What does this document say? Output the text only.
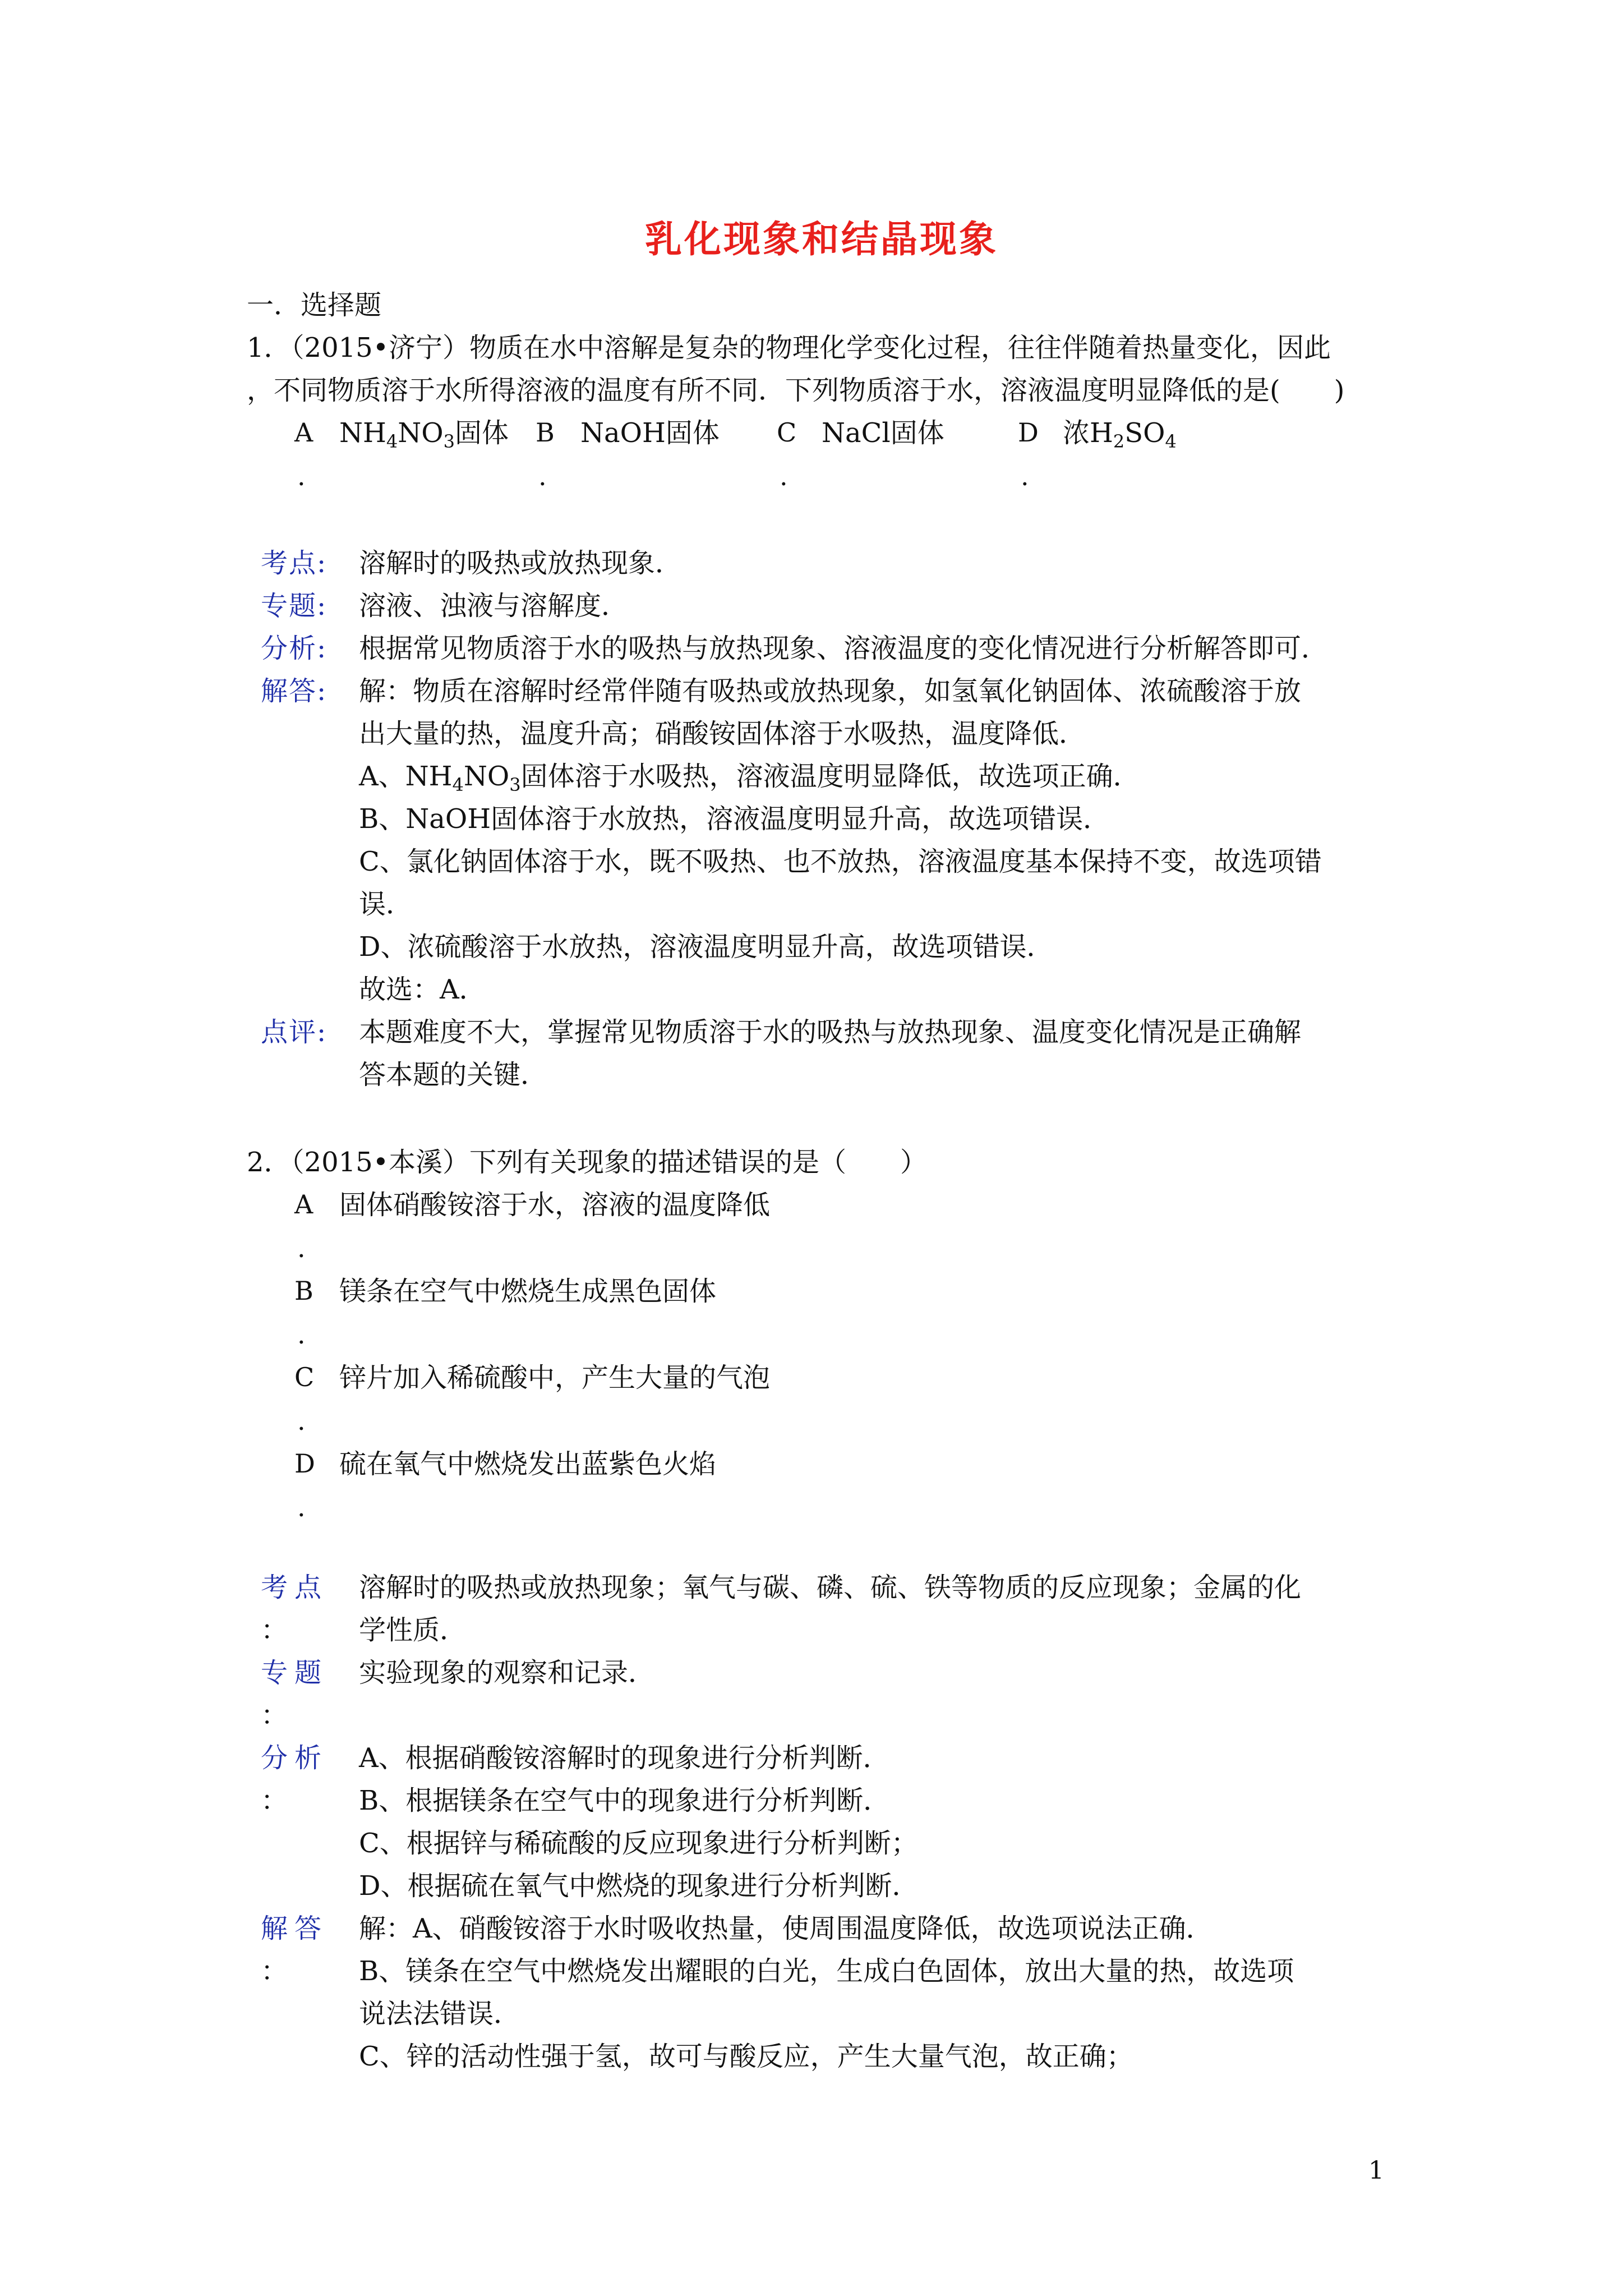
乳化现象和结晶现象
一．选择题
1．（2015•济宁）物质在水中溶解是复杂的物理化学变化过程，往往伴随着热量变化，因此
，不同物质溶于水所得溶液的温度有所不同．下列物质溶于水，溶液温度明显降低的是(　　)
A $NH_4NO_3$固体 B NaOH固体 C NaCl固体	D 浓$H_2SO_4$
.	.	.	.
考点: 溶解时的吸热或放热现象．
专题: 溶液、浊液与溶解度．
分析: 根据常见物质溶于水的吸热与放热现象、溶液温度的变化情况进行分析解答即可．
解答: 解：物质在溶解时经常伴随有吸热或放热现象，如氢氧化钠固体、浓硫酸溶于放
出大量的热，温度升高；硝酸铵固体溶于水吸热，温度降低．
A、$NH_4NO_3$固体溶于水吸热，溶液温度明显降低，故选项正确．
B、NaOH固体溶于水放热，溶液温度明显升高，故选项错误．
C、氯化钠固体溶于水，既不吸热、也不放热，溶液温度基本保持不变，故选项错
误．
D、浓硫酸溶于水放热，溶液温度明显升高，故选项错误．
故选：A．
点评: 本题难度不大，掌握常见物质溶于水的吸热与放热现象、温度变化情况是正确解
答本题的关键．
2．（2015•本溪）下列有关现象的描述错误的是（　　）
A 固体硝酸铵溶于水，溶液的温度降低
.
B 镁条在空气中燃烧生成黑色固体
.
C 锌片加入稀硫酸中，产生大量的气泡
.
D 硫在氧气中燃烧发出蓝紫色火焰
.
考点 溶解时的吸热或放热现象；氧气与碳、磷、硫、铁等物质的反应现象；金属的化
：	学性质．
专题 实验现象的观察和记录．
：
分析 A、根据硝酸铵溶解时的现象进行分析判断．
：	B、根据镁条在空气中的现象进行分析判断．
C、根据锌与稀硫酸的反应现象进行分析判断；
D、根据硫在氧气中燃烧的现象进行分析判断．
解答 解：A、硝酸铵溶于水时吸收热量，使周围温度降低，故选项说法正确．
：	B、镁条在空气中燃烧发出耀眼的白光，生成白色固体，放出大量的热，故选项
说法法错误．
C、锌的活动性强于氢，故可与酸反应，产生大量气泡，故正确；
1
